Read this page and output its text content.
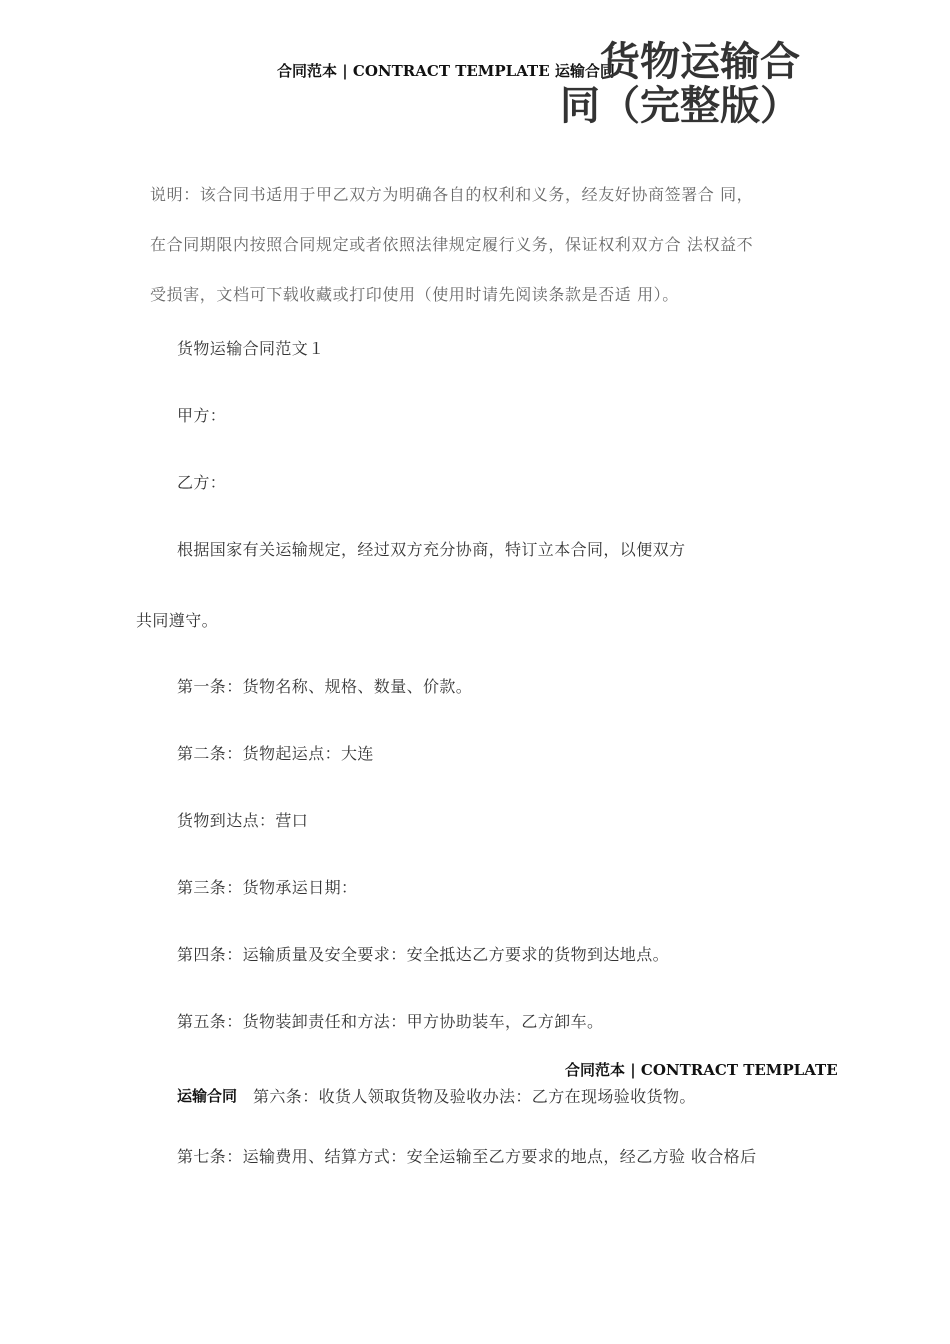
合同范本 | CONTRACT TEMPLATE 运输合同
货物运输合
同（完整版）
说明：该合同书适用于甲乙双方为明确各自的权利和义务，经友好协商签署合 同，
在合同期限内按照合同规定或者依照法律规定履行义务，保证权利双方合 法权益不
受损害，文档可下载收藏或打印使用（使用时请先阅读条款是否适 用）。
货物运输合同范文１
甲方：
乙方：
根据国家有关运输规定，经过双方充分协商，特订立本合同，以便双方
共同遵守。
第一条：货物名称、规格、数量、价款。
第二条：货物起运点：大连
货物到达点：营口
第三条：货物承运日期：
第四条：运输质量及安全要求：安全抵达乙方要求的货物到达地点。
第五条：货物装卸责任和方法：甲方协助装车，乙方卸车。
合同范本 | CONTRACT TEMPLATE
运输合同 第六条：收货人领取货物及验收办法：乙方在现场验收货物。
第七条：运输费用、结算方式：安全运输至乙方要求的地点，经乙方验 收合格后
